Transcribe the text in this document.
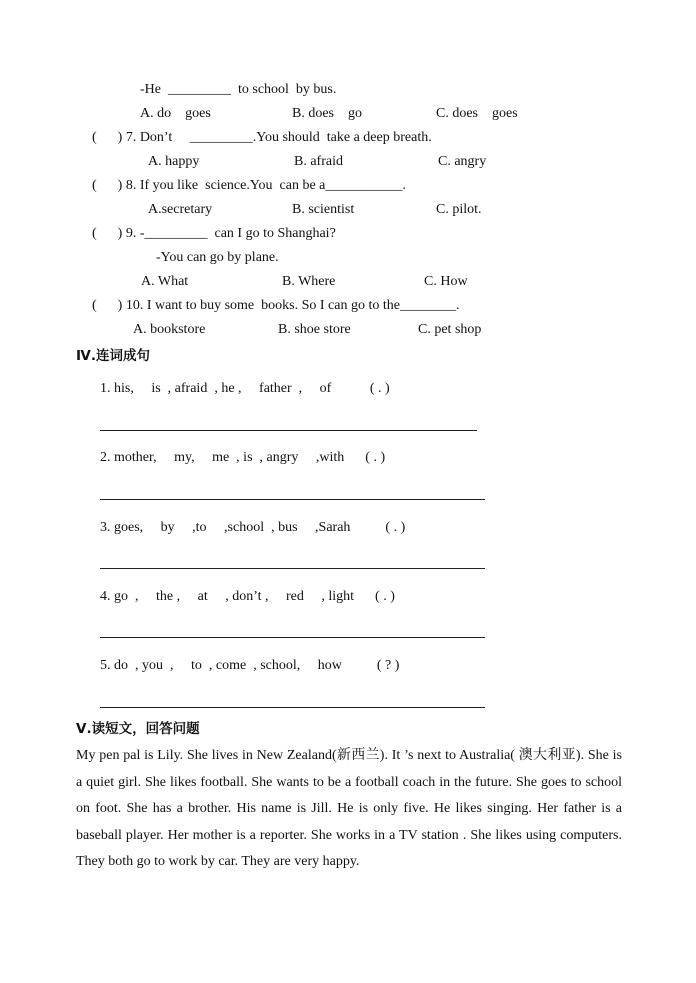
-He  _________  to school  by bus.
A. do    goes	B. does    go	C. does    goes
(      ) 7. Don’t     _________.You should  take a deep breath.
A. happy	B. afraid	C. angry
(      ) 8. If you like  science.You  can be a___________.
A.secretary	B. scientist	C. pilot.
(      ) 9. -_________  can I go to Shanghai?
-You can go by plane.
A. What	B. Where	C. How
(      ) 10. I want to buy some  books. So I can go to the________.
A. bookstore	B. shoe store	C. pet shop
Ⅳ.连词成句
1. his,     is  , afraid  , he ,     father  ,     of           ( . )
2. mother,     my,     me  , is  , angry     ,with      ( . )
3. goes,     by     ,to     ,school  , bus     ,Sarah          ( . )
4. go  ,     the ,     at     , don’t ,     red     , light      ( . )
5. do  , you  ,     to  , come  , school,     how          ( ? )
Ⅴ.读短文，回答问题

My pen pal is Lily. She lives in New Zealand(新西兰). It ’s next to Australia( 澳大利亚). She is a quiet girl. She likes football. She wants to be a football coach in the future. She goes to school on foot. She has a brother. His name is Jill. He is only five. He likes singing. Her father is a baseball player. Her mother is a reporter. She works in a TV station . She likes using computers. They both go to work by car. They are very happy.
